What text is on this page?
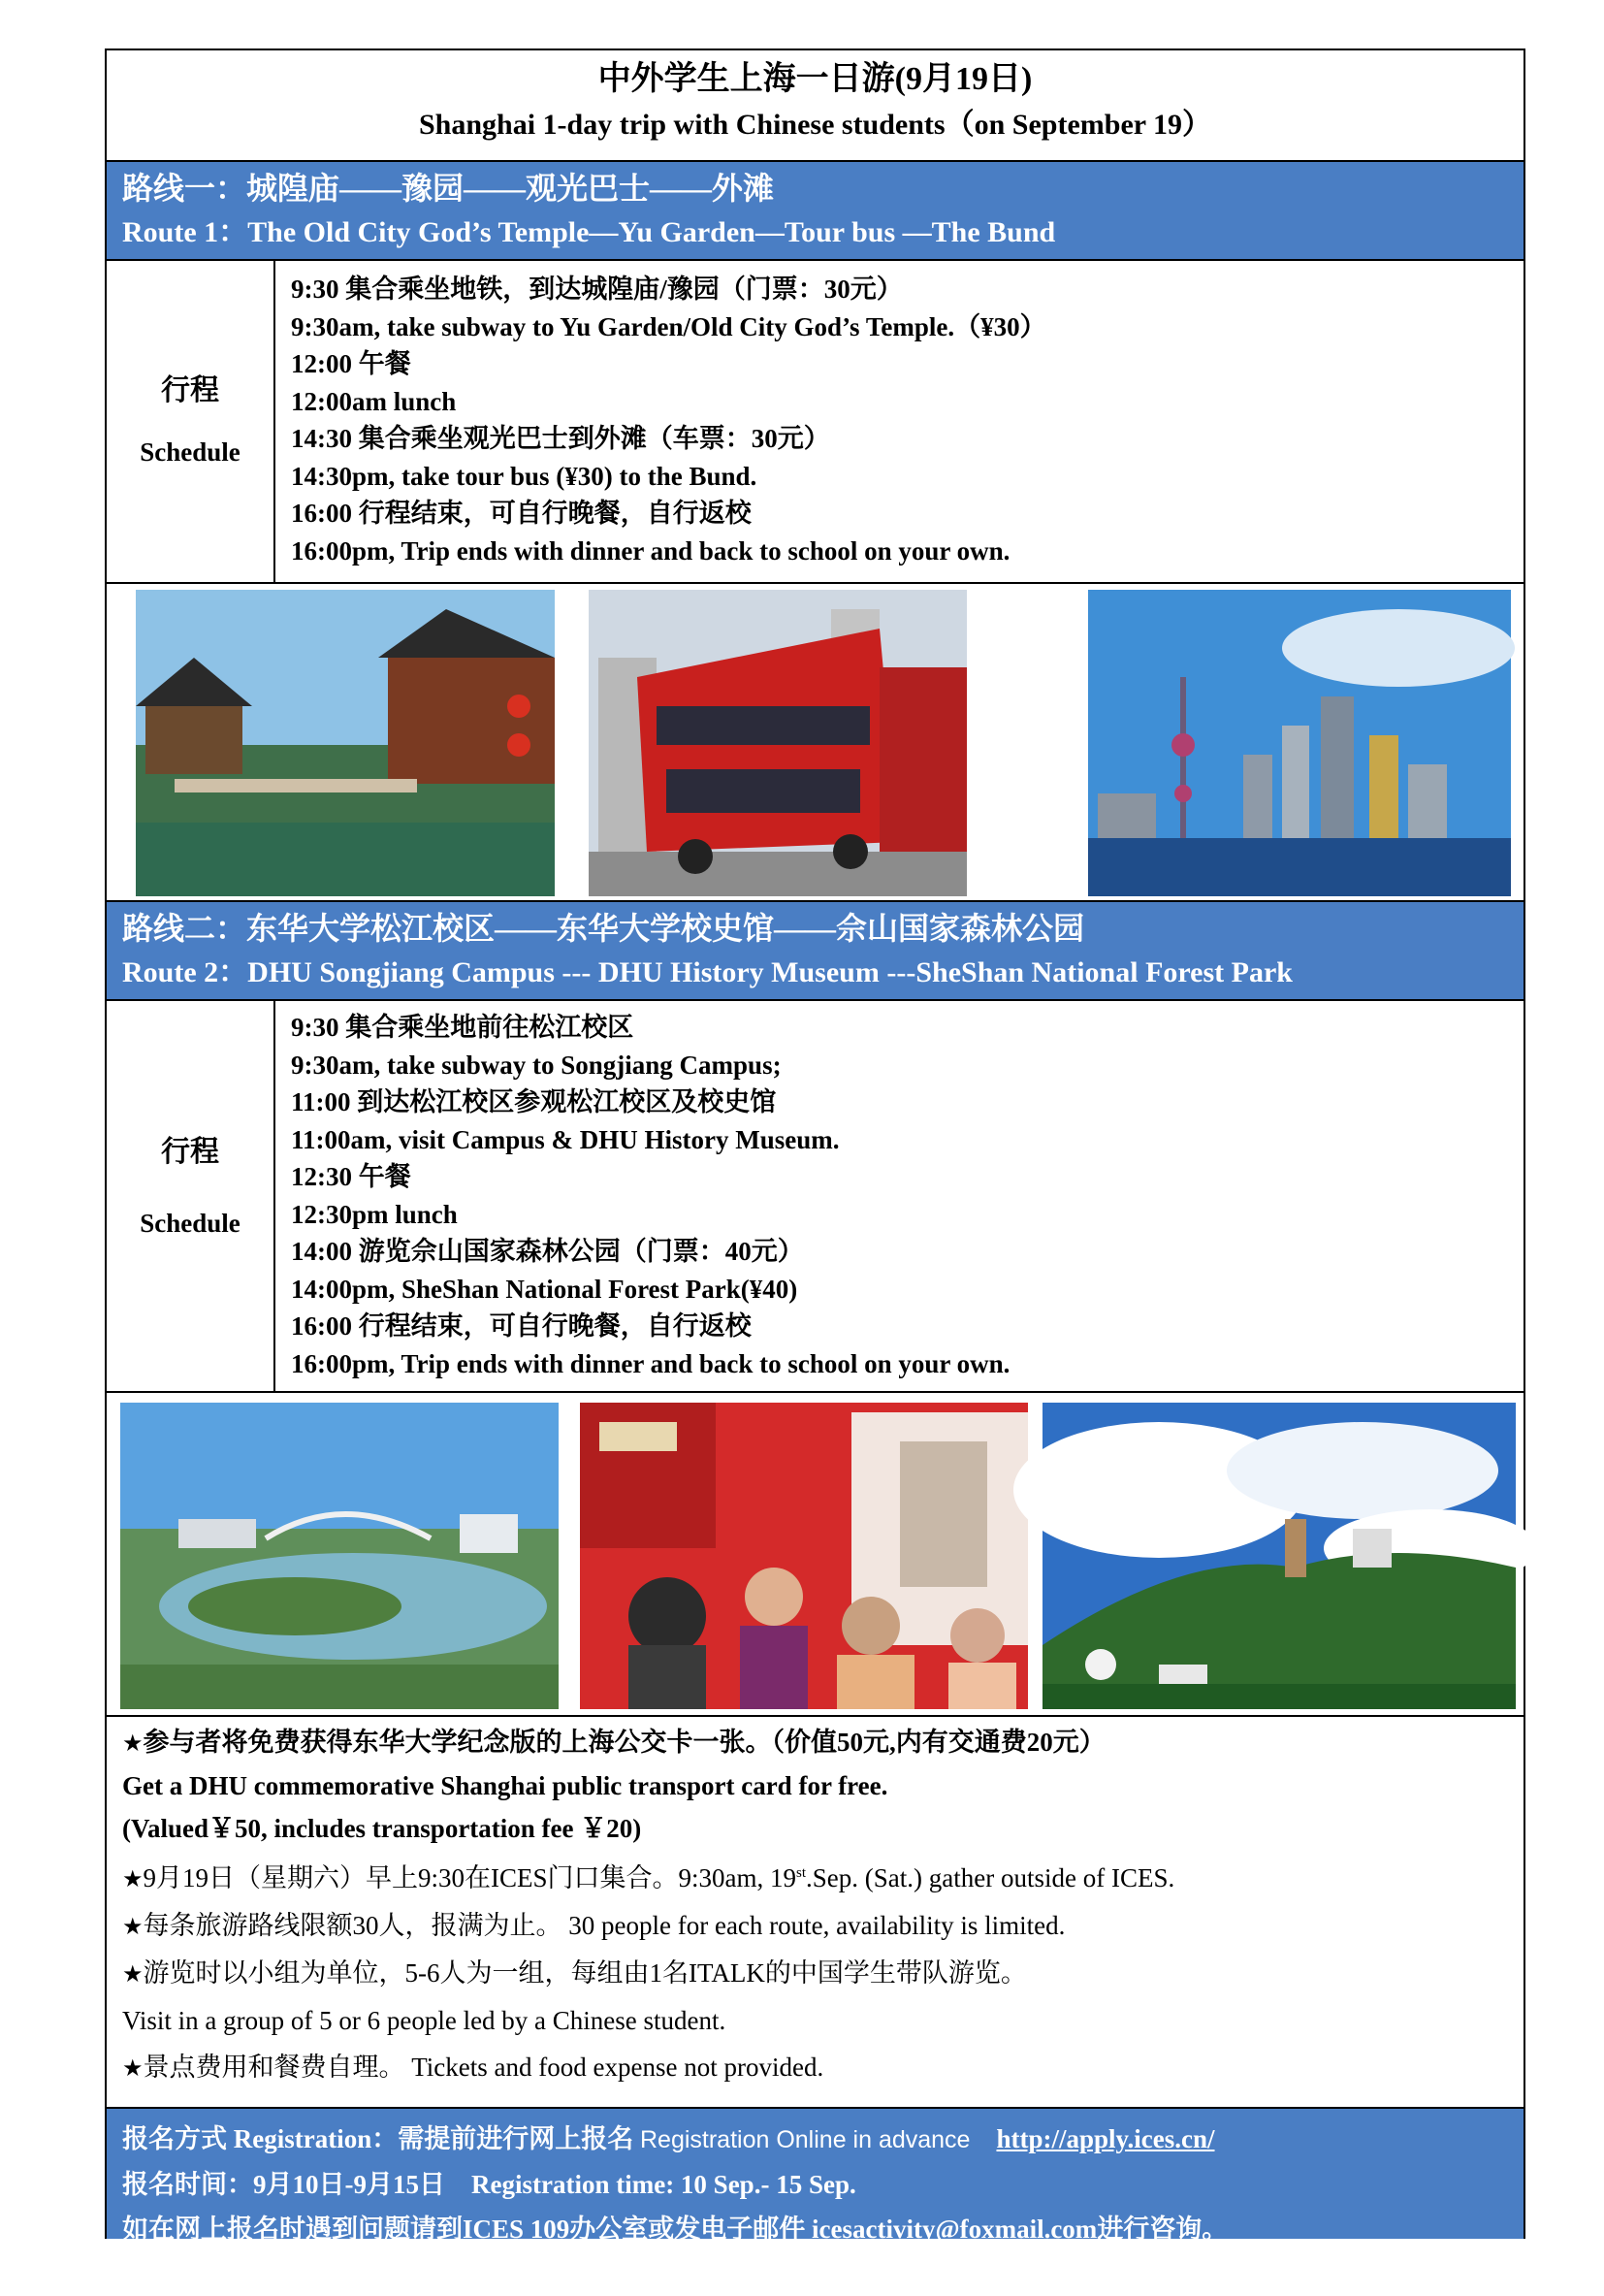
中外学生上海一日游(9月19日)
Shanghai 1-day trip with Chinese students（on September 19）
路线一：城隍庙——豫园——观光巴士——外滩
Route 1：The Old City God’s Temple—Yu Garden—Tour bus —The Bund
行程
Schedule
9:30 集合乘坐地铁，到达城隍庙/豫园（门票：30元）
9:30am, take subway to Yu Garden/Old City God’s Temple.（¥30）
12:00 午餐
12:00am lunch
14:30 集合乘坐观光巴士到外滩（车票：30元）
14:30pm, take tour bus (¥30) to the Bund.
16:00 行程结束，可自行晚餐，自行返校
16:00pm, Trip ends with dinner and back to school on your own.
路线二：东华大学松江校区——东华大学校史馆——佘山国家森林公园
Route 2：DHU Songjiang Campus --- DHU History Museum ---SheShan National Forest Park
行程
Schedule
9:30 集合乘坐地前往松江校区
9:30am, take subway to Songjiang Campus;
11:00 到达松江校区参观松江校区及校史馆
11:00am, visit Campus & DHU History Museum.
12:30 午餐
12:30pm lunch
14:00 游览佘山国家森林公园（门票：40元）
14:00pm, SheShan National Forest Park(¥40)
16:00 行程结束，可自行晚餐，自行返校
16:00pm, Trip ends with dinner and back to school on your own.
★参与者将免费获得东华大学纪念版的上海公交卡一张。（价值50元,内有交通费20元）
Get a DHU commemorative Shanghai public transport card for free.
(Valued￥50, includes transportation fee ￥20)
★9月19日（星期六）早上9:30在ICES门口集合。9:30am, 19st.Sep. (Sat.) gather outside of ICES.
★每条旅游路线限额30人，报满为止。 30 people for each route, availability is limited.
★游览时以小组为单位，5-6人为一组，每组由1名ITALK的中国学生带队游览。
Visit in a group of 5 or 6 people led by a Chinese student.
★景点费用和餐费自理。 Tickets and food expense not provided.
报名方式 Registration：需提前进行网上报名 Registration Online in advance http://apply.ices.cn/
报名时间：9月10日-9月15日 Registration time: 10 Sep.- 15 Sep.
如在网上报名时遇到问题请到ICES 109办公室或发电子邮件 icesactivity@foxmail.com进行咨询。
If you have any problems when register online, please contact ICES 109 office or email icesactivity@foxmail.com .
